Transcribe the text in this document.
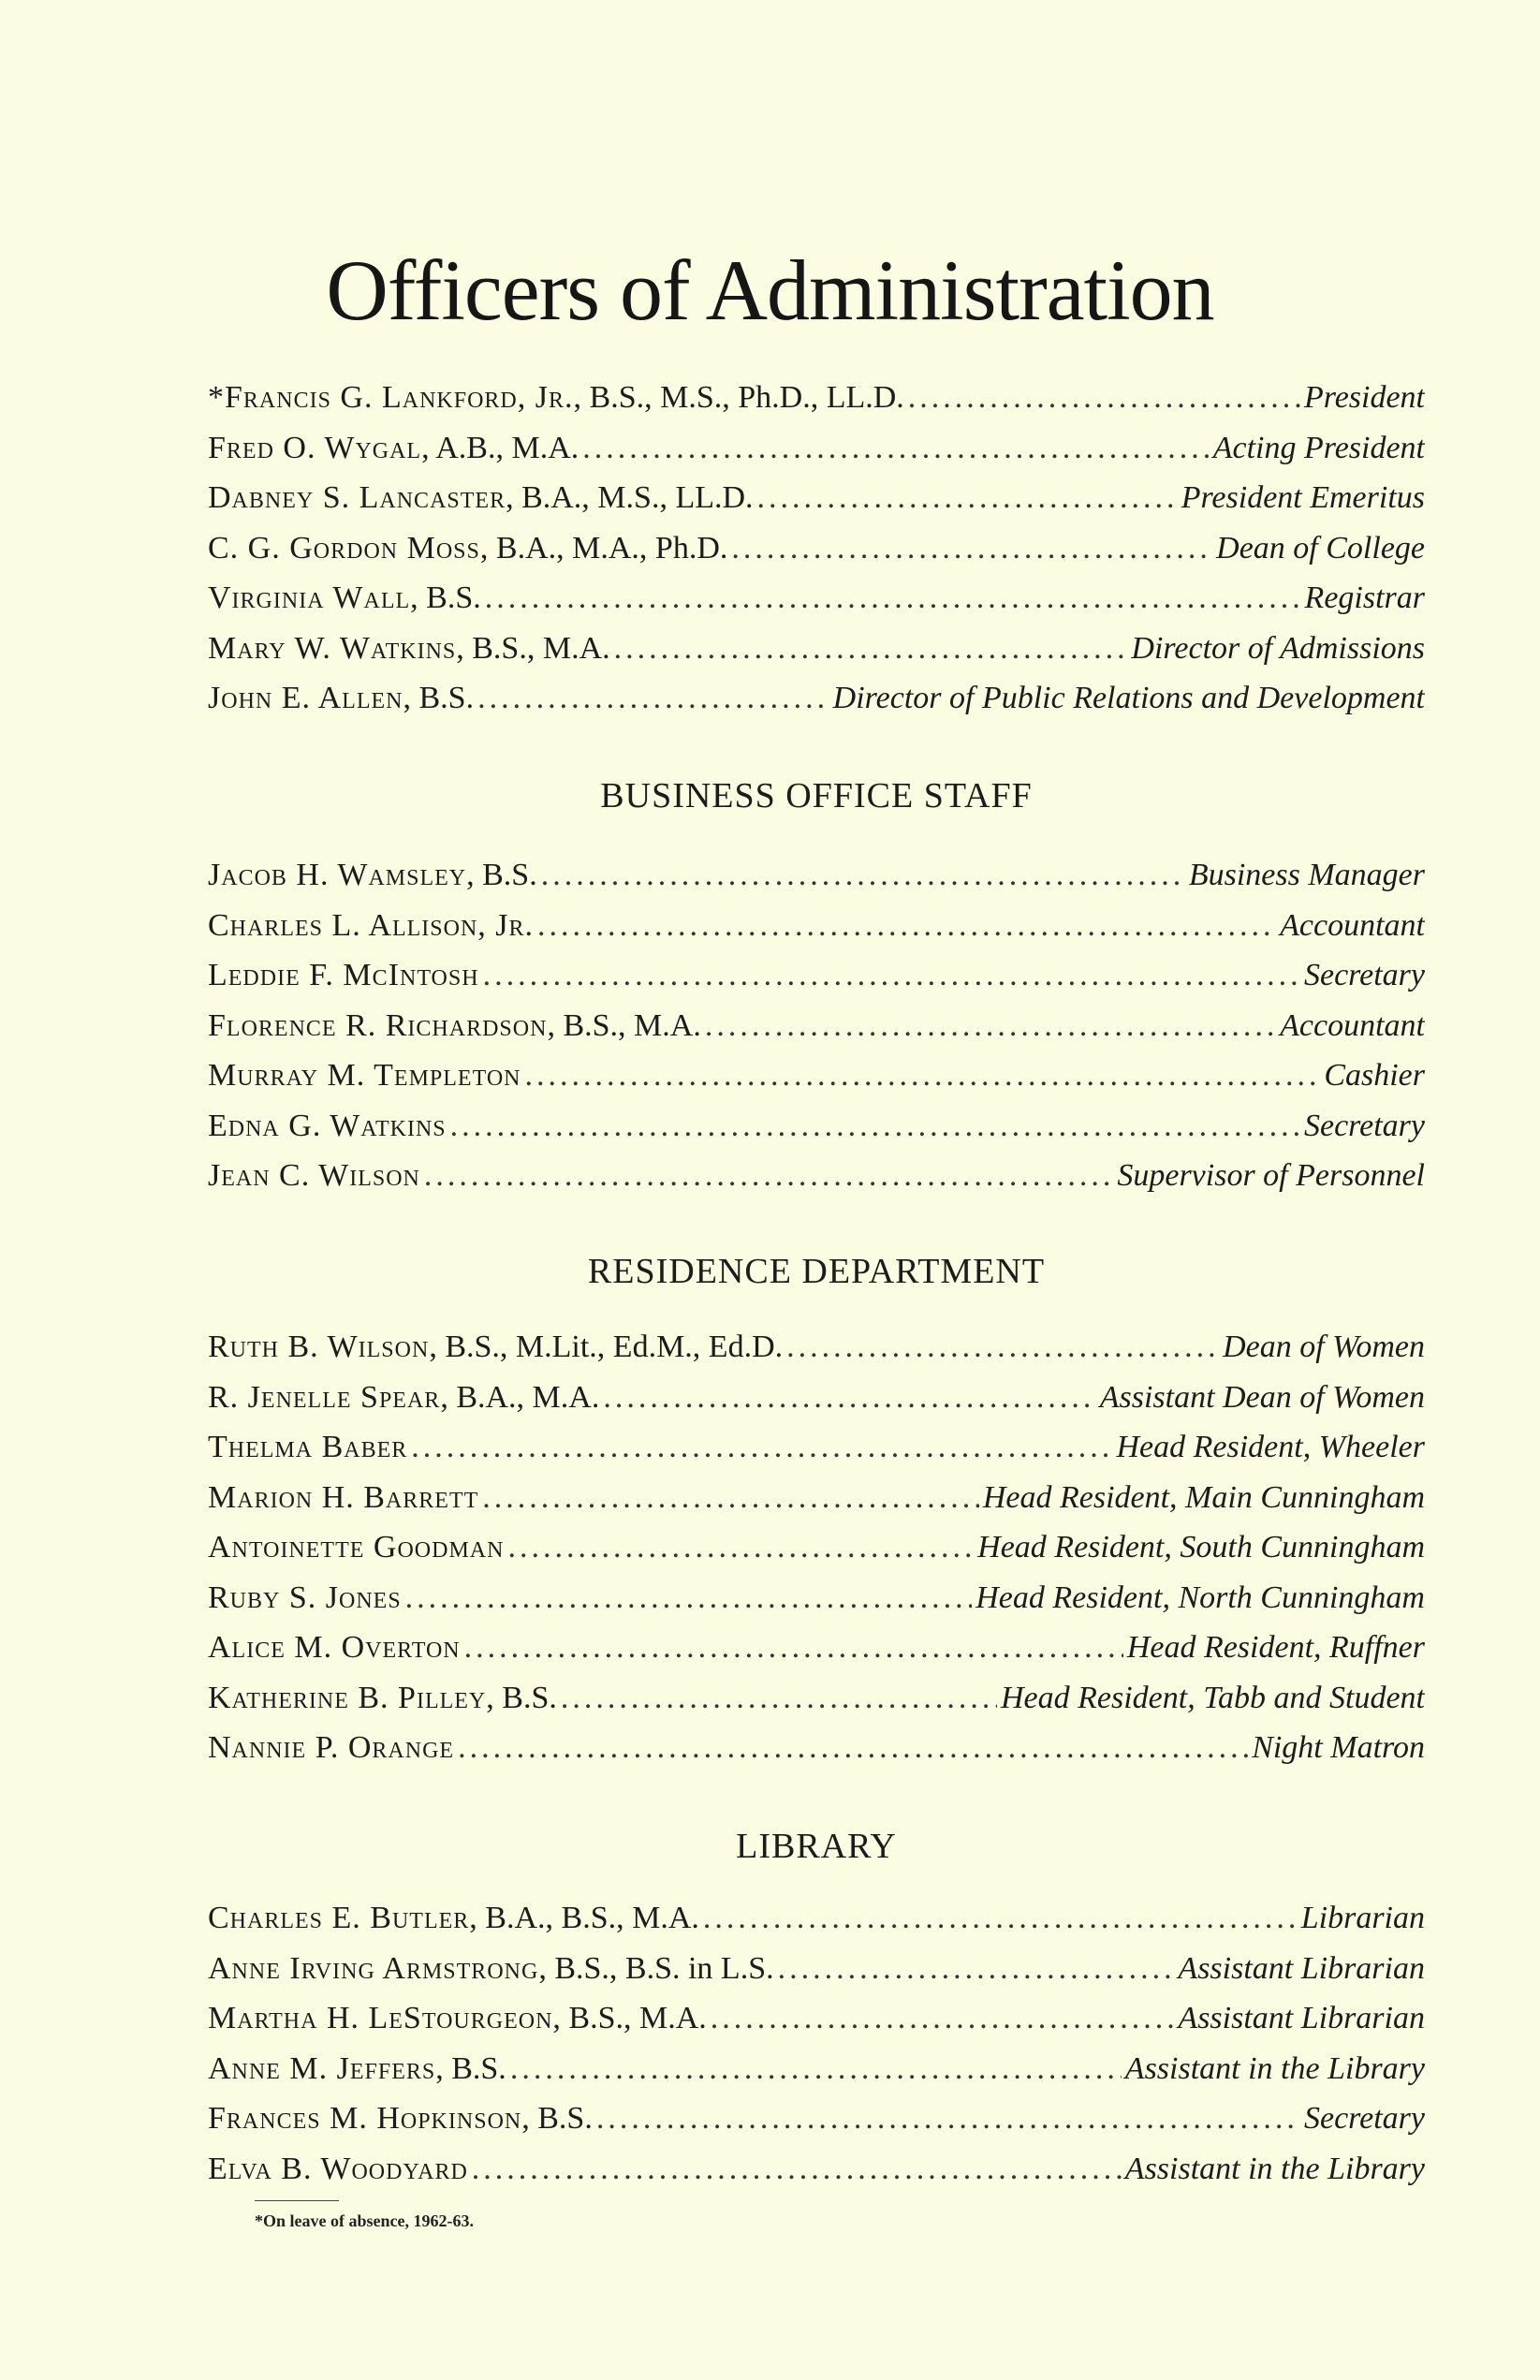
Officers of Administration
*Francis G. Lankford, Jr., B.S., M.S., Ph.D., LL.D. .....	President
Fred O. Wygal, A.B., M.A. .....	Acting President
Dabney S. Lancaster, B.A., M.S., LL.D. .....	President Emeritus
C. G. Gordon Moss, B.A., M.A., Ph.D. .....	Dean of College
Virginia Wall, B.S. .....	Registrar
Mary W. Watkins, B.S., M.A. .....	Director of Admissions
John E. Allen, B.S. .....	Director of Public Relations and Development
BUSINESS OFFICE STAFF
Jacob H. Wamsley, B.S. .....	Business Manager
Charles L. Allison, Jr. .....	Accountant
Leddie F. McIntosh .....	Secretary
Florence R. Richardson, B.S., M.A. .....	Accountant
Murray M. Templeton .....	Cashier
Edna G. Watkins .....	Secretary
Jean C. Wilson .....	Supervisor of Personnel
RESIDENCE DEPARTMENT
Ruth B. Wilson, B.S., M.Lit., Ed.M., Ed.D. .....	Dean of Women
R. Jenelle Spear, B.A., M.A. .....	Assistant Dean of Women
Thelma Baber .....	Head Resident, Wheeler
Marion H. Barrett .....	Head Resident, Main Cunningham
Antoinette Goodman .....	Head Resident, South Cunningham
Ruby S. Jones .....	Head Resident, North Cunningham
Alice M. Overton .....	Head Resident, Ruffner
Katherine B. Pilley, B.S. .....	Head Resident, Tabb and Student
Nannie P. Orange .....	Night Matron
LIBRARY
Charles E. Butler, B.A., B.S., M.A. .....	Librarian
Anne Irving Armstrong, B.S., B.S. in L.S. .....	Assistant Librarian
Martha H. LeStourgeon, B.S., M.A. .....	Assistant Librarian
Anne M. Jeffers, B.S. .....	Assistant in the Library
Frances M. Hopkinson, B.S. .....	Secretary
Elva B. Woodyard .....	Assistant in the Library
*On leave of absence, 1962-63.
